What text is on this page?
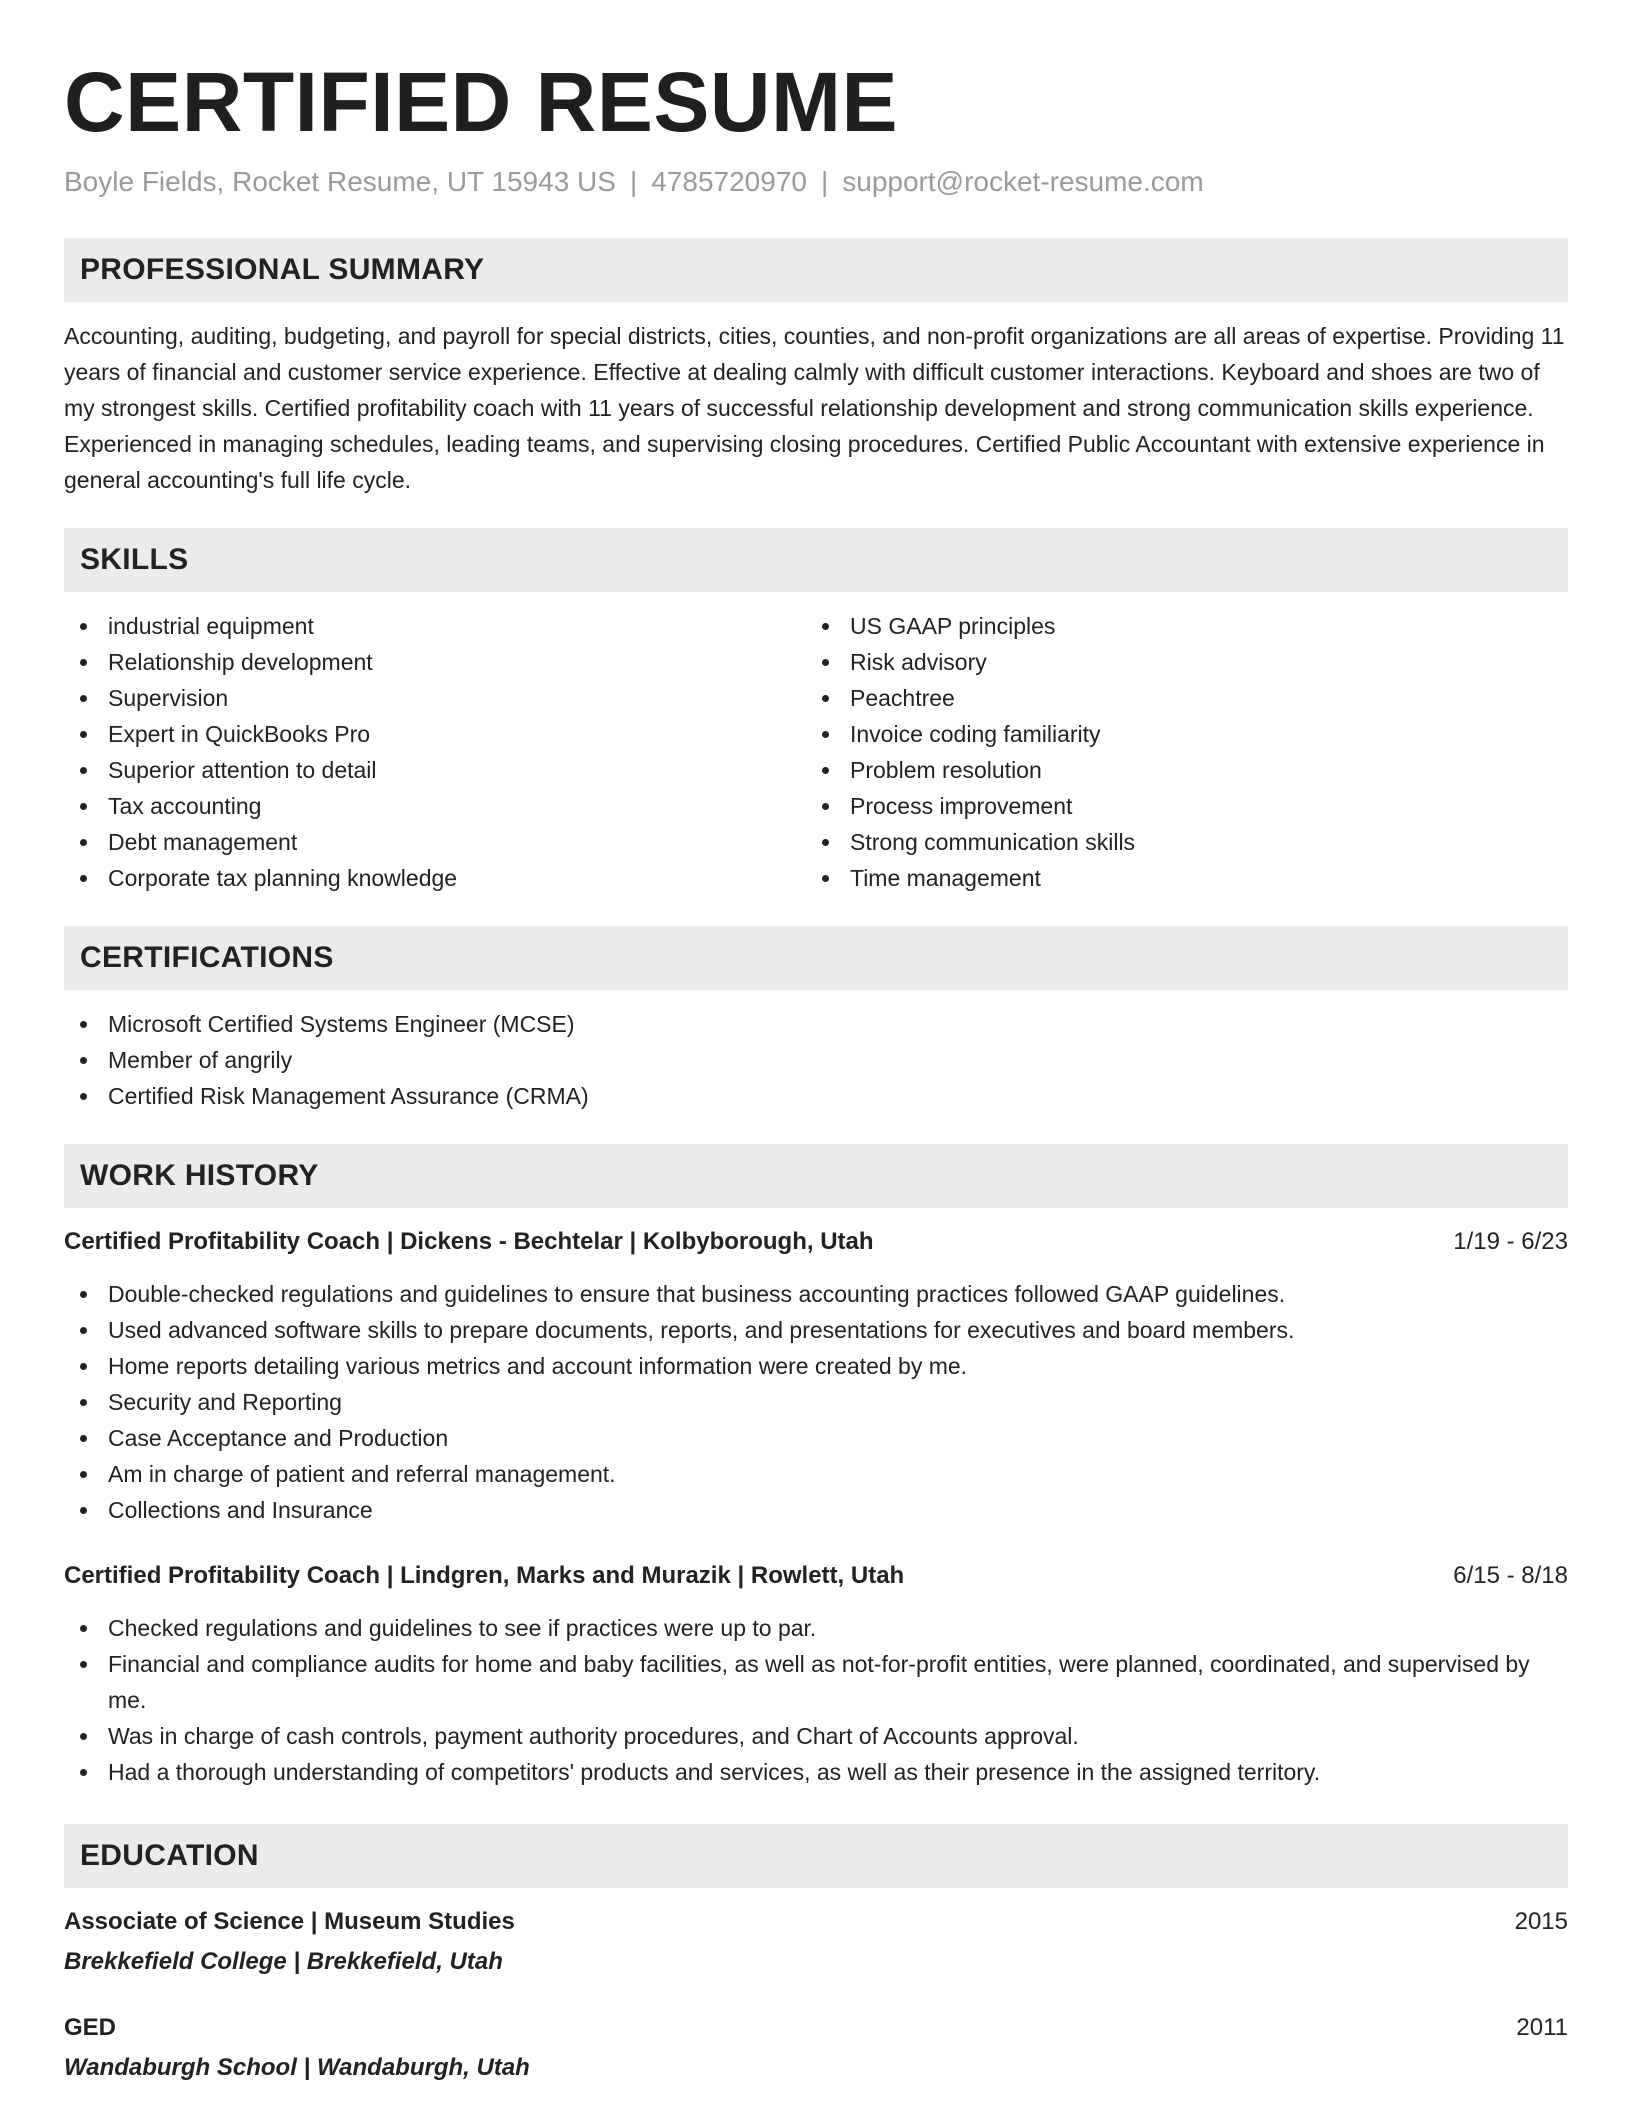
CERTIFIED RESUME
Boyle Fields, Rocket Resume, UT 15943 US | 4785720970 | support@rocket-resume.com
PROFESSIONAL SUMMARY

Accounting, auditing, budgeting, and payroll for special districts, cities, counties, and non-profit organizations are all areas of expertise. Providing 11 years of financial and customer service experience. Effective at dealing calmly with difficult customer interactions. Keyboard and shoes are two of my strongest skills. Certified profitability coach with 11 years of successful relationship development and strong communication skills experience. Experienced in managing schedules, leading teams, and supervising closing procedures. Certified Public Accountant with extensive experience in general accounting's full life cycle.

SKILLS
industrial equipment
Relationship development
Supervision
Expert in QuickBooks Pro
Superior attention to detail
Tax accounting
Debt management
Corporate tax planning knowledge
US GAAP principles
Risk advisory
Peachtree
Invoice coding familiarity
Problem resolution
Process improvement
Strong communication skills
Time management
CERTIFICATIONS
Microsoft Certified Systems Engineer (MCSE)
Member of angrily
Certified Risk Management Assurance (CRMA)
WORK HISTORY
Certified Profitability Coach | Dickens - Bechtelar | Kolbyborough, Utah	1/19 - 6/23
Double-checked regulations and guidelines to ensure that business accounting practices followed GAAP guidelines.
Used advanced software skills to prepare documents, reports, and presentations for executives and board members.
Home reports detailing various metrics and account information were created by me.
Security and Reporting
Case Acceptance and Production
Am in charge of patient and referral management.
Collections and Insurance
Certified Profitability Coach | Lindgren, Marks and Murazik | Rowlett, Utah	6/15 - 8/18
Checked regulations and guidelines to see if practices were up to par.
Financial and compliance audits for home and baby facilities, as well as not-for-profit entities, were planned, coordinated, and supervised by me.
Was in charge of cash controls, payment authority procedures, and Chart of Accounts approval.
Had a thorough understanding of competitors' products and services, as well as their presence in the assigned territory.
EDUCATION
Associate of Science | Museum Studies	2015
Brekkefield College | Brekkefield, Utah
GED	2011
Wandaburgh School | Wandaburgh, Utah
